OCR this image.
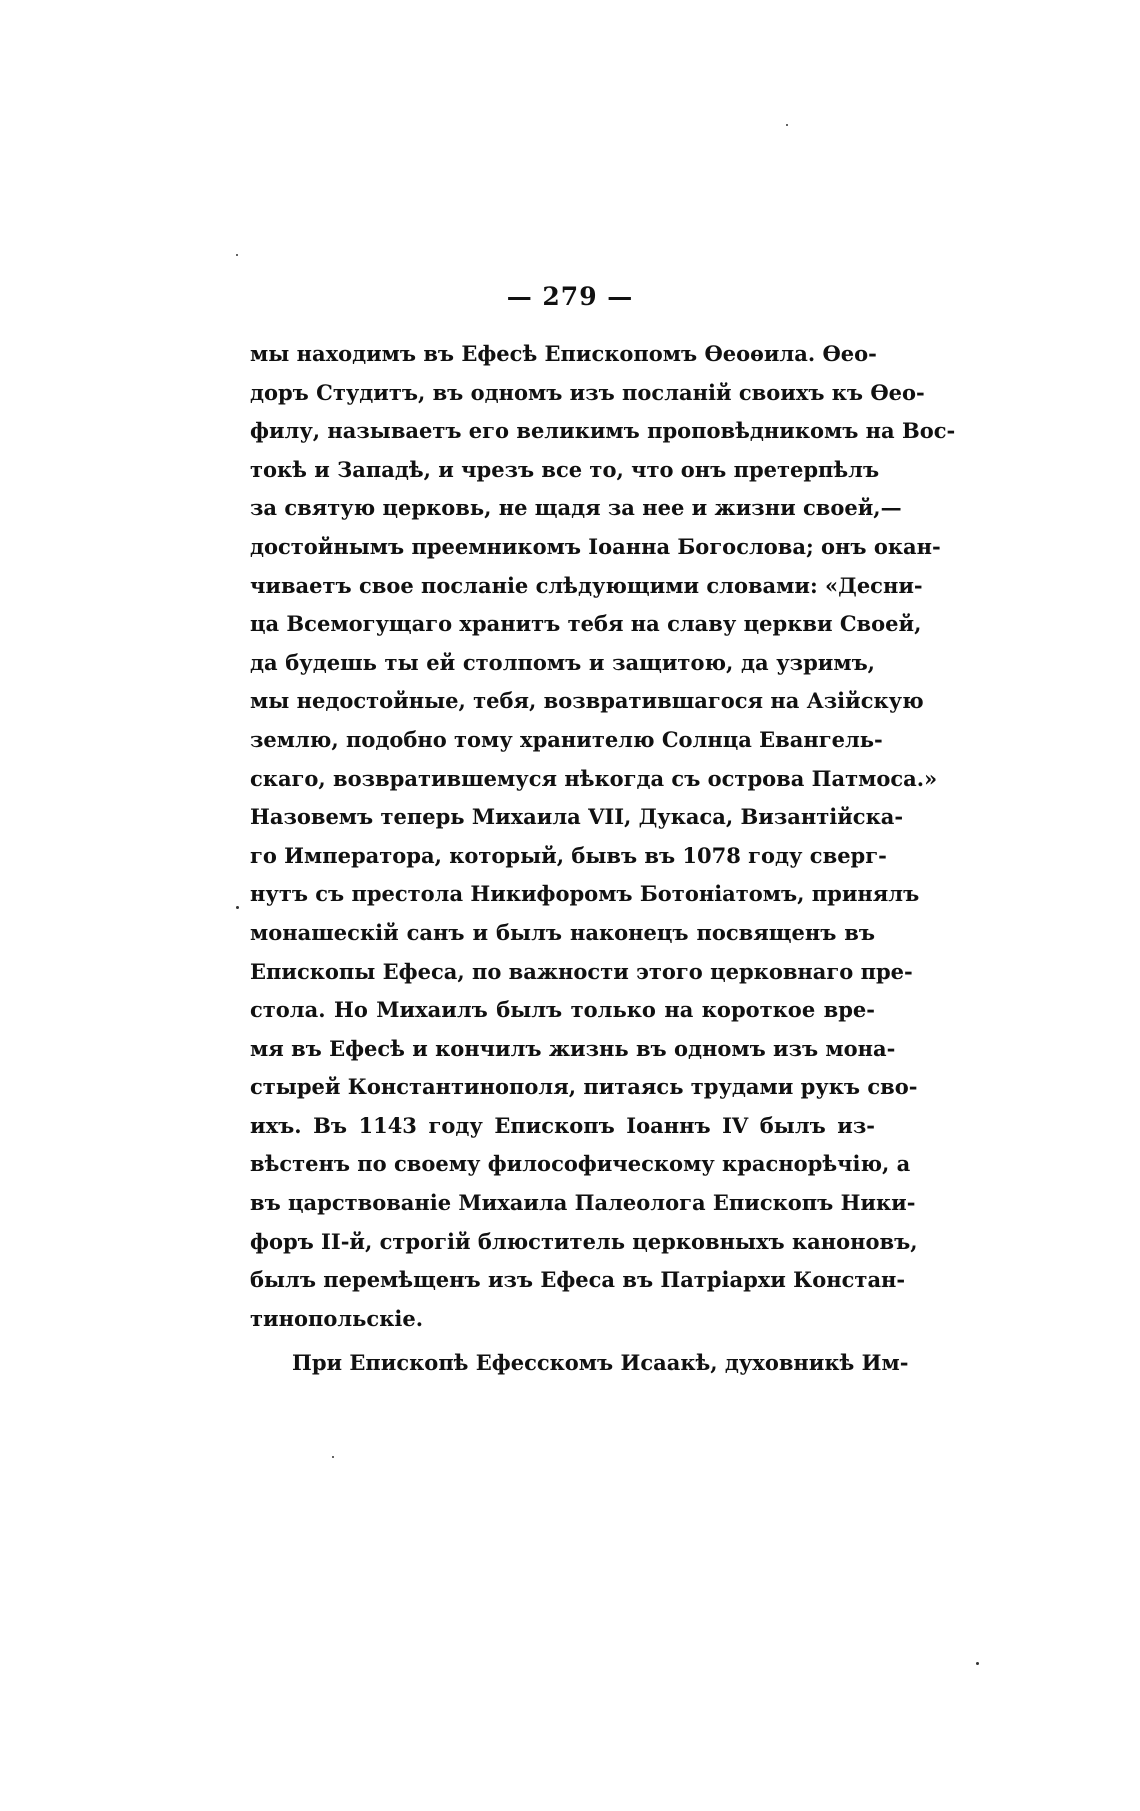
— 279 —
мы находимъ въ Ефесѣ Епископомъ Ѳеоѳила. Ѳео-
доръ Студитъ, въ одномъ изъ посланій своихъ къ Ѳео-
филу, называетъ его великимъ проповѣдникомъ на Вос-
токѣ и Западѣ, и чрезъ все то, что онъ претерпѣлъ
за святую церковь, не щадя за нее и жизни своей,—
достойнымъ преемникомъ Іоанна Богослова; онъ окан-
чиваетъ свое посланіе слѣдующими словами: «Десни-
ца Всемогущаго хранитъ тебя на славу церкви Своей,
да будешь ты ей столпомъ и защитою, да узримъ,
мы недостойные, тебя, возвратившагося на Азійскую
землю, подобно тому хранителю Солнца Евангель-
скаго, возвратившемуся нѣкогда съ острова Патмоса.»
Назовемъ теперь Михаила VII, Дукаса, Византійска-
го Императора, который, бывъ въ 1078 году сверг-
нутъ съ престола Никифоромъ Ботоніатомъ, принялъ
монашескій санъ и былъ наконецъ посвященъ въ
Епископы Ефеса, по важности этого церковнаго пре-
стола. Но Михаилъ былъ только на короткое вре-
мя въ Ефесѣ и кончилъ жизнь въ одномъ изъ мона-
стырей Константинополя, питаясь трудами рукъ сво-
ихъ. Въ 1143 году Епископъ Іоаннъ IV былъ из-
вѣстенъ по своему философическому краснорѣчію, а
въ царствованіе Михаила Палеолога Епископъ Ники-
форъ II-й, строгій блюститель церковныхъ каноновъ,
былъ перемѣщенъ изъ Ефеса въ Патріархи Констан-
тинопольскіе.
При Епископѣ Ефесскомъ Исаакѣ, духовникѣ Им-
